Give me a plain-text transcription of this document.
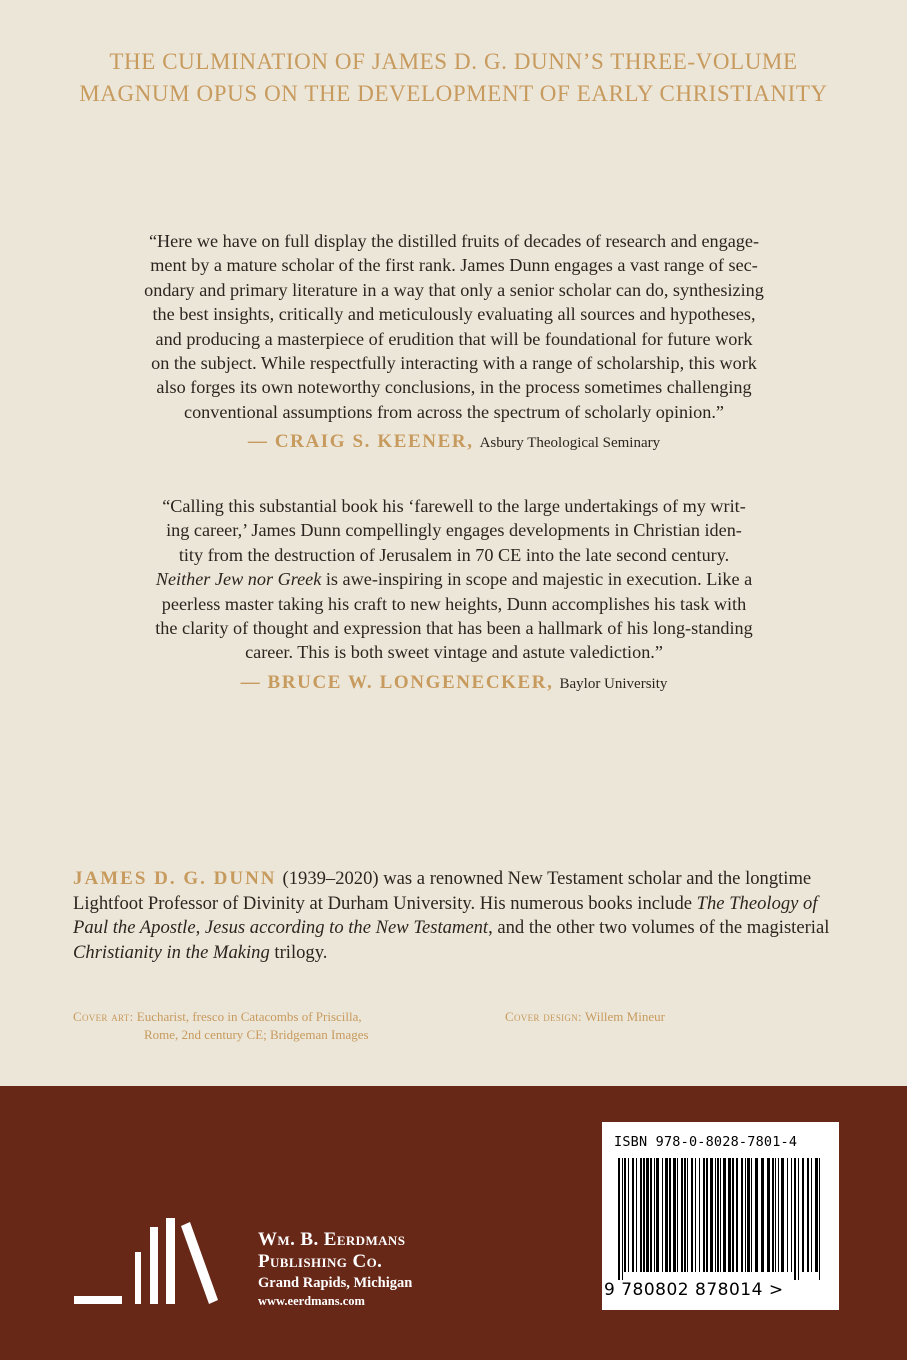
THE CULMINATION OF JAMES D. G. DUNN’S THREE-VOLUME
MAGNUM OPUS ON THE DEVELOPMENT OF EARLY CHRISTIANITY
“Here we have on full display the distilled fruits of decades of research and engage-
ment by a mature scholar of the first rank. James Dunn engages a vast range of sec-
ondary and primary literature in a way that only a senior scholar can do, synthesizing
the best insights, critically and meticulously evaluating all sources and hypotheses,
and producing a masterpiece of erudition that will be foundational for future work
on the subject. While respectfully interacting with a range of scholarship, this work
also forges its own noteworthy conclusions, in the process sometimes challenging
conventional assumptions from across the spectrum of scholarly opinion.”
— CRAIG S. KEENER, Asbury Theological Seminary
“Calling this substantial book his ‘farewell to the large undertakings of my writ-
ing career,’ James Dunn compellingly engages developments in Christian iden-
tity from the destruction of Jerusalem in 70 CE into the late second century.
Neither Jew nor Greek is awe-inspiring in scope and majestic in execution. Like a
peerless master taking his craft to new heights, Dunn accomplishes his task with
the clarity of thought and expression that has been a hallmark of his long-standing
career. This is both sweet vintage and astute valediction.”
— BRUCE W. LONGENECKER, Baylor University
JAMES D. G. DUNN (1939–2020) was a renowned New Testament scholar and the longtime Lightfoot Professor of Divinity at Durham University. His numerous books include The Theology of Paul the Apostle, Jesus according to the New Testament, and the other two volumes of the magisterial Christianity in the Making trilogy.
Cover art: Eucharist, fresco in Catacombs of Priscilla,
Rome, 2nd century CE; Bridgeman Images
Cover design: Willem Mineur
Wm. B. Eerdmans
Publishing Co.
Grand Rapids, Michigan
www.eerdmans.com
ISBN 978-0-8028-7801-4
9 780802 878014 >
